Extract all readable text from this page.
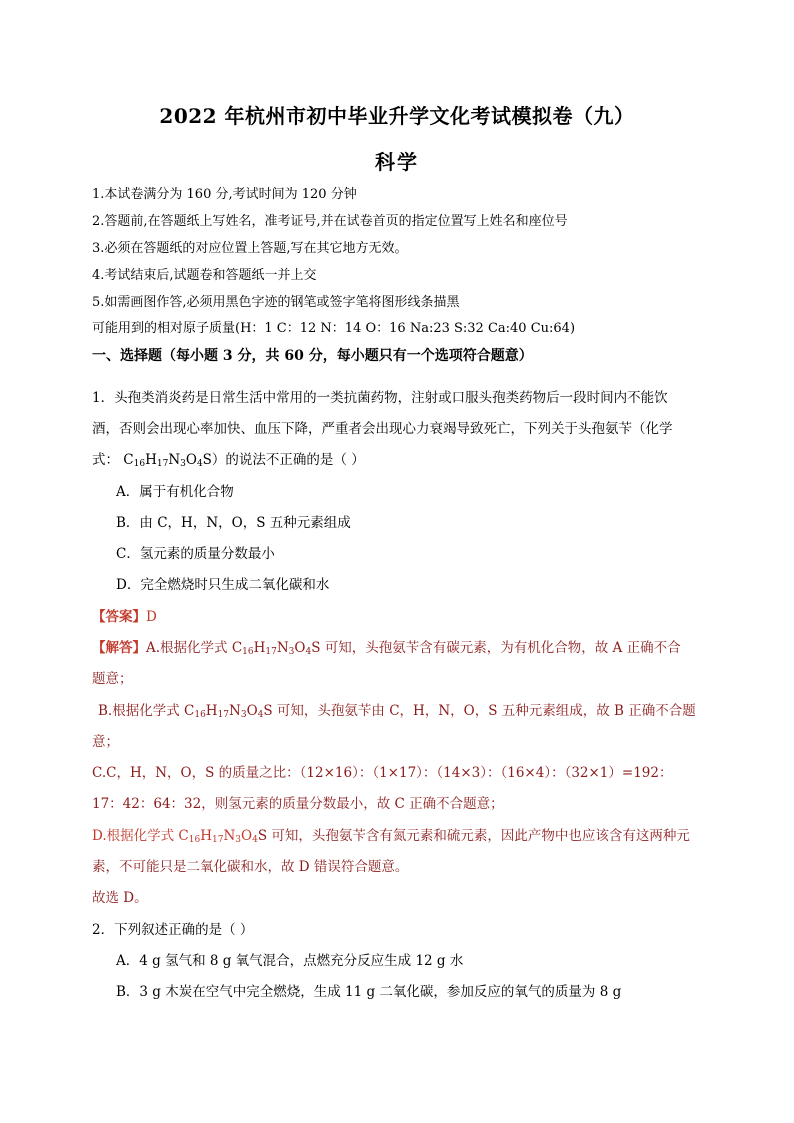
2022 年杭州市初中毕业升学文化考试模拟卷（九）
科学
1.本试卷满分为 160 分,考试时间为 120 分钟
2.答题前,在答题纸上写姓名，准考证号,并在试卷首页的指定位置写上姓名和座位号
3.必须在答题纸的对应位置上答题,写在其它地方无效。
4.考试结束后,试题卷和答题纸一并上交
5.如需画图作答,必须用黑色字迹的钢笔或签字笔将图形线条描黑
可能用到的相对原子质量(H：1 C：12 N：14 O：16 Na:23 S:32 Ca:40 Cu:64)
一、选择题（每小题 3 分，共 60 分，每小题只有一个选项符合题意）
1．头孢类消炎药是日常生活中常用的一类抗菌药物，注射或口服头孢类药物后一段时间内不能饮
酒，否则会出现心率加快、血压下降，严重者会出现心力衰竭导致死亡，下列关于头孢氨苄（化学
式： $C_{16}H_{17}N_3O_4S$）的说法不正确的是（ ）
A．属于有机化合物
B．由 C，H，N，O，S 五种元素组成
C．氢元素的质量分数最小
D．完全燃烧时只生成二氧化碳和水
【答案】D
【解答】A.根据化学式 $C_{16}H_{17}N_3O_4S$ 可知，头孢氨苄含有碳元素，为有机化合物，故 A 正确不合
题意；
B.根据化学式 $C_{16}H_{17}N_3O_4S$ 可知，头孢氨苄由 C，H，N，O，S 五种元素组成，故 B 正确不合题
意；
C.C，H，N，O，S 的质量之比：（12×16）：（1×17）：（14×3）：（16×4）：（32×1）=192：
17：42：64：32，则氢元素的质量分数最小，故 C 正确不合题意；
D.根据化学式 $C_{16}H_{17}N_3O_4S$ 可知，头孢氨苄含有氮元素和硫元素，因此产物中也应该含有这两种元
素，不可能只是二氧化碳和水，故 D 错误符合题意。
故选 D。
2．下列叙述正确的是（ ）
A．4 g 氢气和 8 g 氧气混合，点燃充分反应生成 12 g 水
B．3 g 木炭在空气中完全燃烧，生成 11 g 二氧化碳，参加反应的氧气的质量为 8 g
